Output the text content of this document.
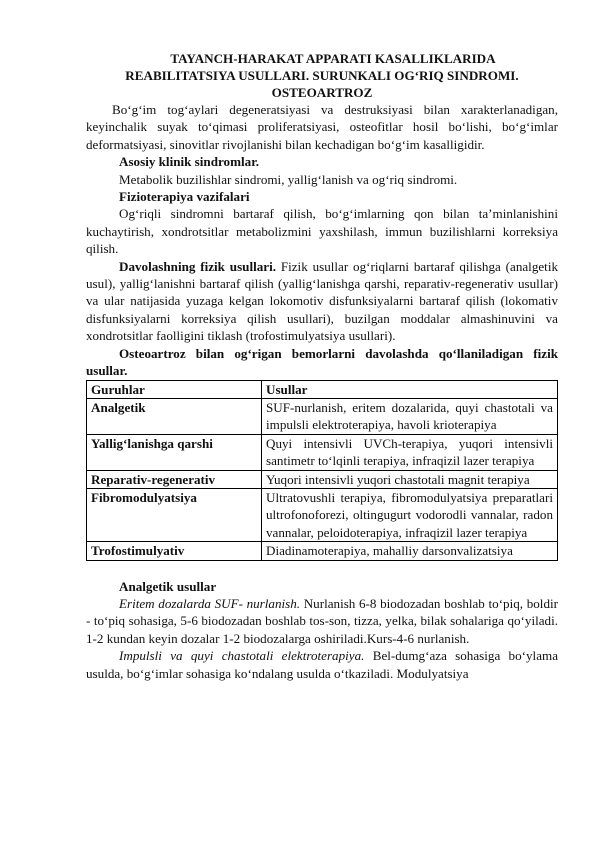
TAYANCH-HARAKAT APPARATI KASALLIKLARIDA
REABILITATSIYA USULLARI. SURUNKALI OG‘RIQ SINDROMI.
OSTEOARTROZ

Bo‘g‘im tog‘aylari degeneratsiyasi va destruksiyasi bilan xarakterlanadigan, keyinchalik suyak to‘qimasi proliferatsiyasi, osteofitlar hosil bo‘lishi, bo‘g‘imlar deformatsiyasi, sinovitlar rivojlanishi bilan kechadigan bo‘g‘im kasalligidir.

Asosiy klinik sindromlar.

Metabolik buzilishlar sindromi, yallig‘lanish va og‘riq sindromi.

Fizioterapiya vazifalari

Og‘riqli sindromni bartaraf qilish, bo‘g‘imlarning qon bilan ta’minlanishini kuchaytirish, xondrotsitlar metabolizmini yaxshilash, immun buzilishlarni korreksiya qilish.

Davolashning fizik usullari. Fizik usullar og‘riqlarni bartaraf qilishga (analgetik usul), yallig‘lanishni bartaraf qilish (yallig‘lanishga qarshi, reparativ-regenerativ usullar) va ular natijasida yuzaga kelgan lokomotiv disfunksiyalarni bartaraf qilish (lokomativ disfunksiyalarni korreksiya qilish usullari), buzilgan moddalar almashinuvini va xondrotsitlar faolligini tiklash (trofostimulyatsiya usullari).

Osteoartroz bilan og‘rigan bemorlarni davolashda qo‘llaniladigan fizik usullar.

Guruhlar	Usullar
Analgetik	SUF-nurlanish, eritem dozalarida, quyi chastotali va impulsli elektroterapiya, havoli krioterapiya
Yallig‘lanishga qarshi	Quyi intensivli UVCh-terapiya, yuqori intensivli santimetr to‘lqinli terapiya, infraqizil lazer terapiya
Reparativ-regenerativ	Yuqori intensivli yuqori chastotali magnit terapiya
Fibromodulyatsiya	Ultratovushli terapiya, fibromodulyatsiya preparatlari ultrofonoforezi, oltingugurt vodorodli vannalar, radon vannalar, peloidoterapiya, infraqizil lazer terapiya
Trofostimulyativ	Diadinamoterapiya, mahalliy darsonvalizatsiya

Analgetik usullar

Eritem dozalarda SUF- nurlanish. Nurlanish 6-8 biodozadan boshlab to‘piq, boldir - to‘piq sohasiga, 5-6 biodozadan boshlab tos-son, tizza, yelka, bilak sohalariga qo‘yiladi. 1-2 kundan keyin dozalar 1-2 biodozalarga oshiriladi.Kurs-4-6 nurlanish.

Impulsli va quyi chastotali elektroterapiya. Bel-dumg‘aza sohasiga bo‘ylama usulda, bo‘g‘imlar sohasiga ko‘ndalang usulda o‘tkaziladi. Modulyatsiya
